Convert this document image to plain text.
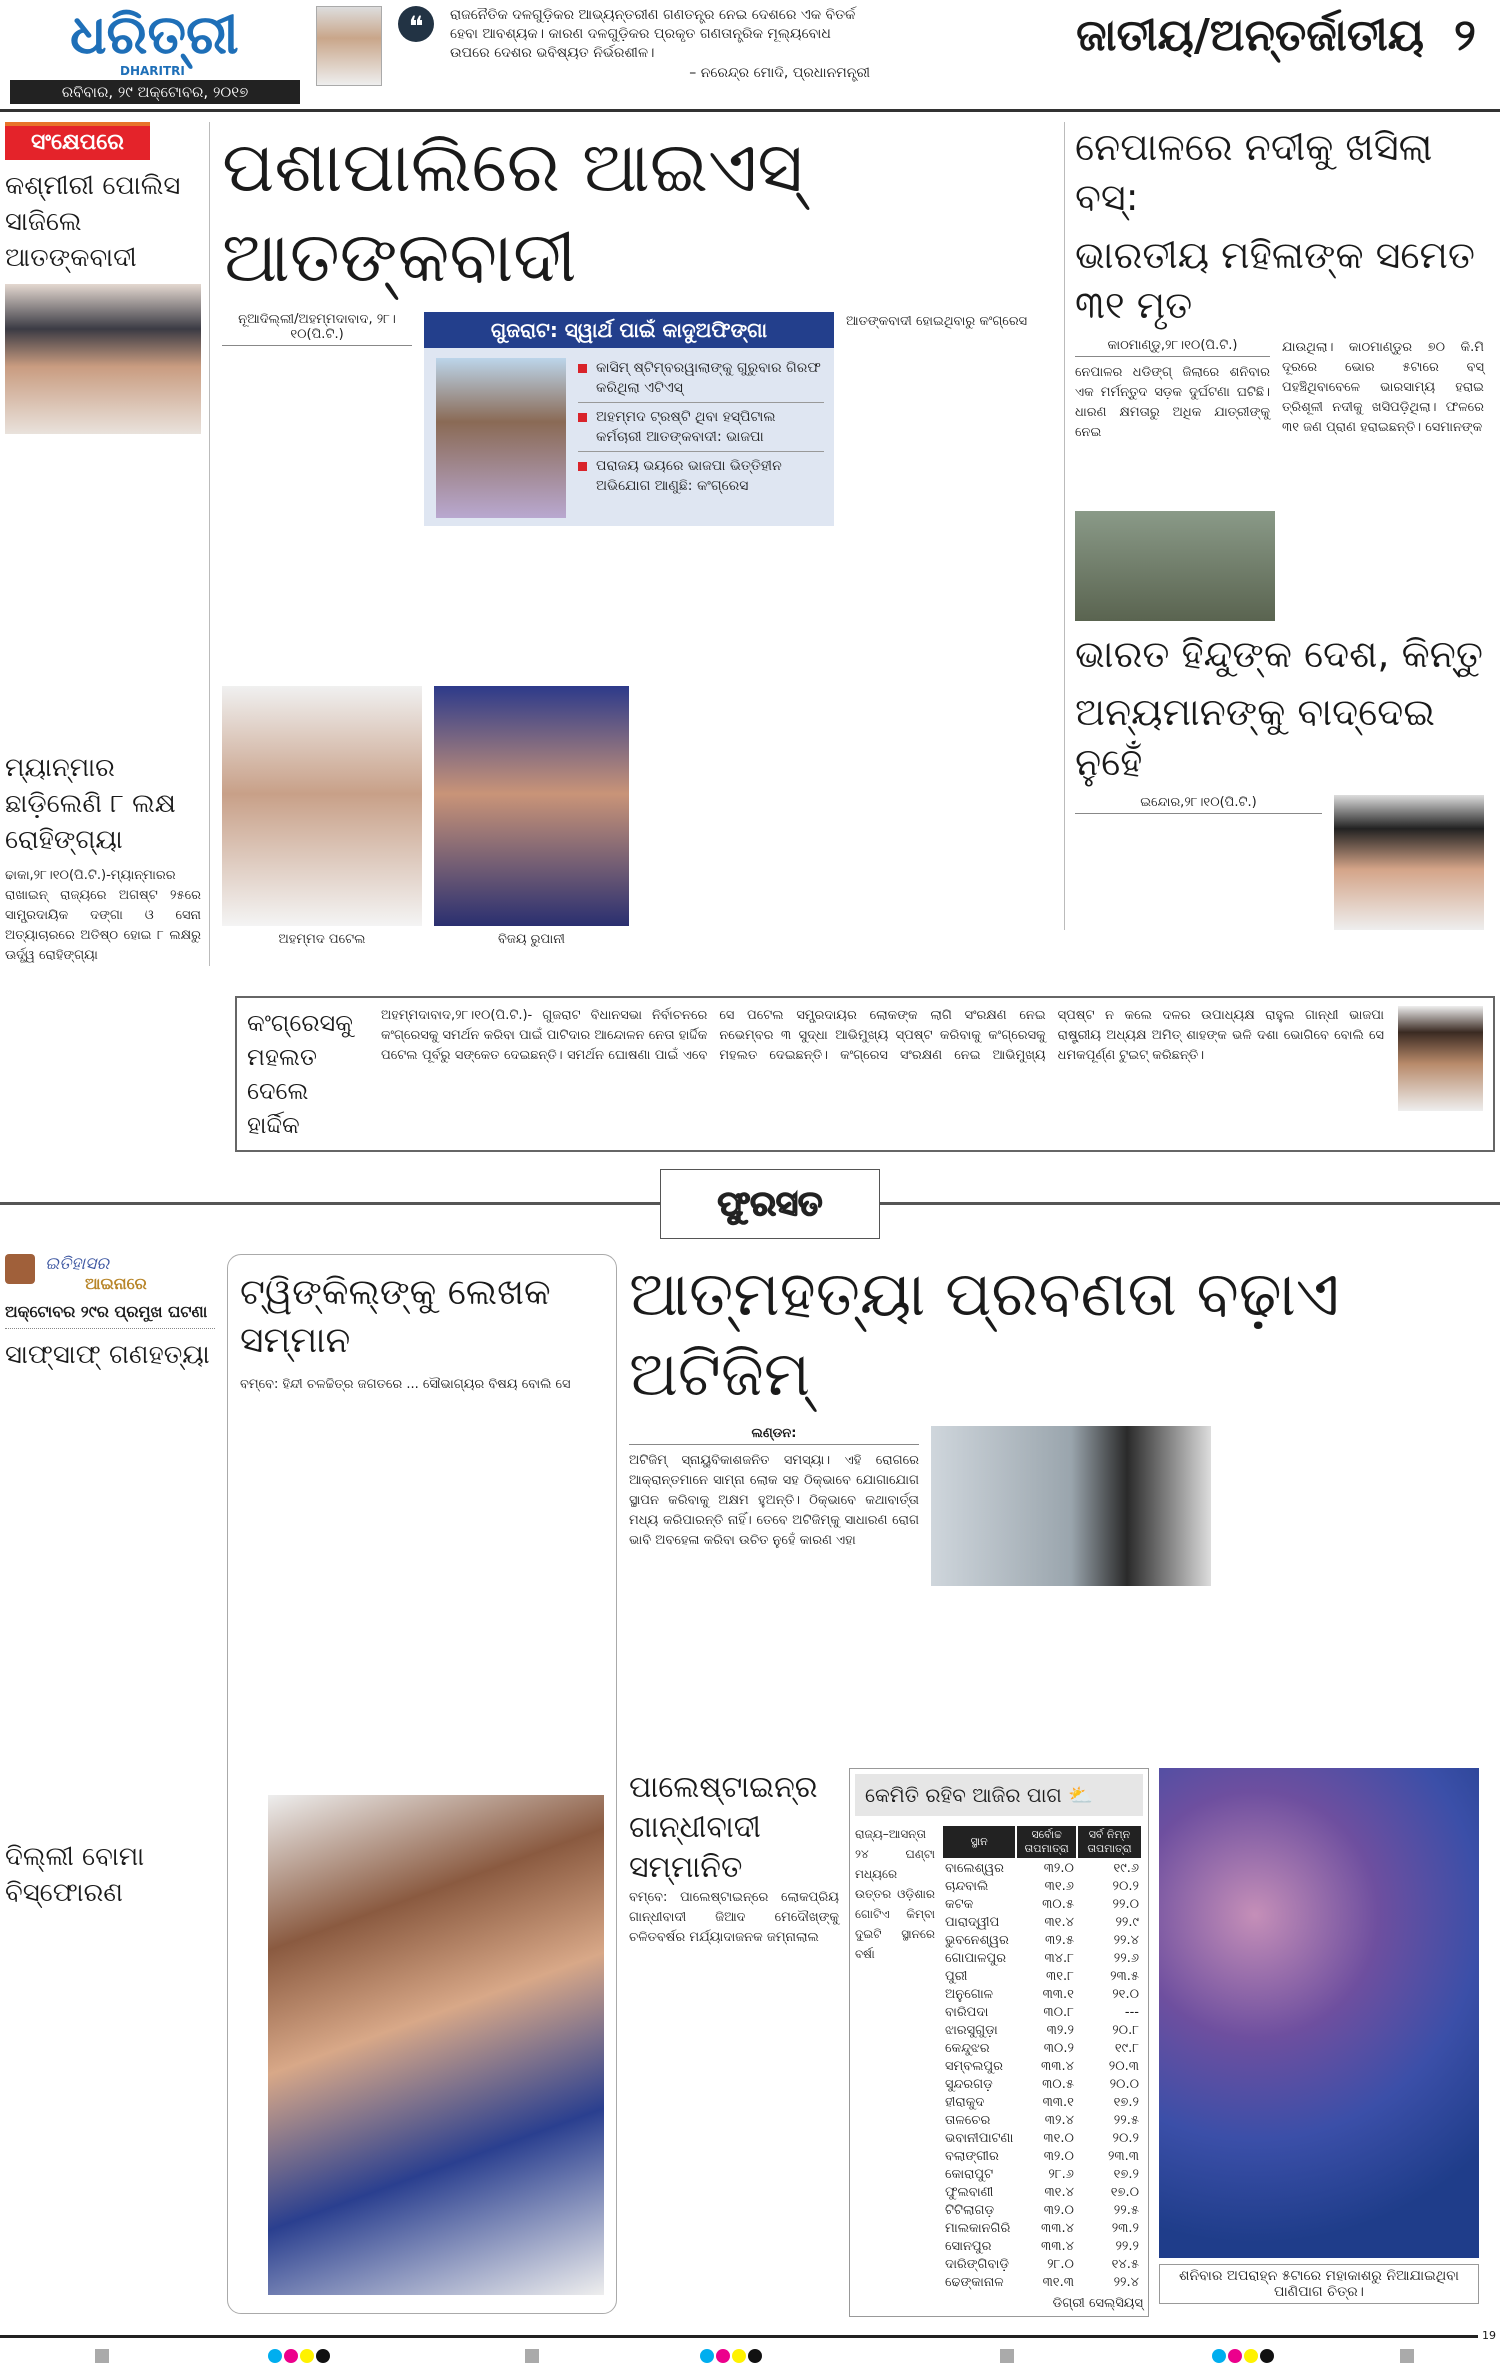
ଧରିତ୍ରୀ
DHARITRI
ରବିବାର, ୨୯ ଅକ୍ଟୋବର, ୨୦୧୭
❝	ରାଜନୈତିକ ଦଳଗୁଡ଼ିକର ଆଭ୍ୟନ୍ତରୀଣ ଗଣତନ୍ତ୍ର ନେଇ ଦେଶରେ ଏକ ବିତର୍କ ହେବା ଆବଶ୍ୟକ। କାରଣ ଦଳଗୁଡ଼ିକର ପ୍ରକୃତ ଗଣତାନ୍ତ୍ରିକ ମୂଲ୍ୟବୋଧ ଉପରେ ଦେଶର ଭବିଷ୍ୟତ ନିର୍ଭରଶୀଳ।
– ନରେନ୍ଦ୍ର ମୋଦି, ପ୍ରଧାନମନ୍ତ୍ରୀ
ଜାତୀୟ/ଅନ୍ତର୍ଜାତୀୟ ୨
ସଂକ୍ଷେପରେ
କଶ୍ମୀରୀ ପୋଲିସ ସାଜିଲେ ଆତଙ୍କବାଦୀ
ମ୍ୟାନ୍‌ମାର ଛାଡ଼ିଲେଣି ୮ ଲକ୍ଷ ରୋହିଙ୍ଗ୍ୟା
ଢାକା,୨୮।୧୦(ପି.ଟି.)-ମ୍ୟାନ୍‌ମାରର ରାଖାଇନ୍ ରାଜ୍ୟରେ ଅଗଷ୍ଟ ୨୫ରେ ସାମ୍ପ୍ରଦାୟିକ ଦଙ୍ଗା ଓ ସେନା ଅତ୍ୟାଚାରରେ ଅତିଷ୍ଠ ହୋଇ ୮ ଲକ୍ଷରୁ ଊର୍ଦ୍ଧ୍ୱ ରୋହିଙ୍ଗ୍ୟା
ପଶାପାଲିରେ ଆଇଏସ୍ ଆତଙ୍କବାଦୀ
ନୂଆଦିଲ୍ଲୀ/ଅହମ୍ମଦାବାଦ, ୨୮।୧୦(ପି.ଟି.)	ଗୁଜରାଟ: ସ୍ୱାର୍ଥ ପାଇଁ କାଦୁଅଫିଙ୍ଗା
କାସିମ୍ ଷ୍ଟିମ୍ବରୱାଲାଙ୍କୁ ଗୁରୁବାର ଗିରଫ କରିଥିଲା ଏଟିଏସ୍
ଅହମ୍ମଦ ଟ୍ରଷ୍ଟି ଥିବା ହସ୍ପିଟାଲ କର୍ମଚାରୀ ଆତଙ୍କବାଦୀ: ଭାଜପା
ପରାଜୟ ଭୟରେ ଭାଜପା ଭିତ୍ତିହୀନ ଅଭିଯୋଗ ଆଣୁଛି: କଂଗ୍ରେସ
ଆତଙ୍କବାଦୀ ହୋଇଥିବାରୁ କଂଗ୍ରେସ
ଅହମ୍ମଦ ପଟେଲ	ବିଜୟ ରୁପାନୀ
ନେପାଳରେ ନଦୀକୁ ଖସିଲା ବସ୍:
ଭାରତୀୟ ମହିଳାଙ୍କ ସମେତ ୩୧ ମୃତ
କାଠମାଣ୍ଡୁ,୨୮।୧୦(ପି.ଟି.)
ନେପାଳର ଧଡିଙ୍ଗ୍ ଜିଲାରେ ଶନିବାର ଏକ ମର୍ମନ୍ତୁଦ ସଡ଼କ ଦୁର୍ଘଟଣା ଘଟିଛି। ଧାରଣ କ୍ଷମତାରୁ ଅଧିକ ଯାତ୍ରୀଙ୍କୁ ନେଇ
ଯାଉଥିଲା। କାଠମାଣ୍ଡୁର ୭୦ କି.ମି ଦୂରରେ ଭୋର ୫ଟାରେ ବସ୍ ପହଞ୍ଚିଥିବାବେଳେ ଭାରସାମ୍ୟ ହରାଇ ତ୍ରିଶୂଳୀ ନଦୀକୁ ଖସିପଡ଼ିଥିଲା। ଫଳରେ ୩୧ ଜଣ ପ୍ରାଣ ହରାଇଛନ୍ତି। ସେମାନଙ୍କ
ଭାରତ ହିନ୍ଦୁଙ୍କ ଦେଶ, କିନ୍ତୁ
ଅନ୍ୟମାନଙ୍କୁ ବାଦ୍‌ଦେଇ ନୁହେଁ
ଇନ୍ଦୋର,୨୮।୧୦(ପି.ଟି.)
କଂଗ୍ରେସକୁ ମହଲତ ଦେଲେ ହାର୍ଦ୍ଦିକ
ଅହମ୍ମଦାବାଦ,୨୮।୧୦(ପି.ଟି.)- ଗୁଜରାଟ ବିଧାନସଭା ନିର୍ବାଚନରେ କଂଗ୍ରେସକୁ ସମର୍ଥନ କରିବା ପାଇଁ ପାଟିଦାର ଆନ୍ଦୋଳନ ନେତା ହାର୍ଦ୍ଦିକ ପଟେଲ ପୂର୍ବରୁ ସଙ୍କେତ ଦେଇଛନ୍ତି। ସମର୍ଥନ ଘୋଷଣା ପାଇଁ ଏବେ ସେ ପଟେଲ ସମ୍ପ୍ରଦାୟର ଲୋକଙ୍କ ଲାଗି ସଂରକ୍ଷଣ ନେଇ ନଭେମ୍ବର ୩ ସୁଦ୍ଧା ଆଭିମୁଖ୍ୟ ସ୍ପଷ୍ଟ କରିବାକୁ କଂଗ୍ରେସକୁ ମହଲତ ଦେଇଛନ୍ତି। କଂଗ୍ରେସ ସଂରକ୍ଷଣ ନେଇ ଆଭିମୁଖ୍ୟ ସ୍ପଷ୍ଟ ନ କଲେ ଦଳର ଉପାଧ୍ୟକ୍ଷ ରାହୁଲ ଗାନ୍ଧୀ ଭାଜପା ରାଷ୍ଟ୍ରୀୟ ଅଧ୍ୟକ୍ଷ ଅମିତ୍ ଶାହଙ୍କ ଭଳି ଦଶା ଭୋଗିବେ ବୋଲି ସେ ଧମକପୂର୍ଣ୍ଣ ଟୁଇଟ୍ କରିଛନ୍ତି।
ଫୁରସତ
ଇତିହାସର
ଆଇନାରେ
ଅକ୍ଟୋବର ୨୯ର ପ୍ରମୁଖ ଘଟଣା
ସାଫ୍‌ସାଫ୍ ଗଣହତ୍ୟା
ଦିଲ୍ଲୀ ବୋମା ବିସ୍ଫୋରଣ
ଟ୍ୱିଙ୍କିଲ୍‌ଙ୍କୁ ଲେଖକ ସମ୍ମାନ
ବମ୍ବେ: ହିନ୍ଦୀ ଚଳଚ୍ଚିତ୍ର ଜଗତରେ ... ସୌଭାଗ୍ୟର ବିଷୟ ବୋଲି ସେ
ଆତ୍ମହତ୍ୟା ପ୍ରବଣତା ବଢ଼ାଏ ଅଟିଜିମ୍
ଲଣ୍ଡନ:
ଅଟିଜିମ୍ ସ୍ନାୟୁବିକାଶଜନିତ ସମସ୍ୟା। ଏହି ରୋଗରେ ଆକ୍ରାନ୍ତମାନେ ସାମ୍ନା ଲୋକ ସହ ଠିକ୍‌ଭାବେ ଯୋଗାଯୋଗ ସ୍ଥାପନ କରିବାକୁ ଅକ୍ଷମ ହୁଅନ୍ତି। ଠିକ୍‌ଭାବେ କଥାବାର୍ତ୍ତା ମଧ୍ୟ କରିପାରନ୍ତି ନାହିଁ। ତେବେ ଅଟିଜିମ୍‌କୁ ସାଧାରଣ ରୋଗ ଭାବି ଅବହେଳା କରିବା ଉଚିତ ନୁହେଁ କାରଣ ଏହା
ପାଲେଷ୍ଟାଇନ୍‌ର ଗାନ୍ଧୀବାଦୀ ସମ୍ମାନିତ
ବମ୍ବେ: ପାଲେଷ୍ଟାଇନ୍‌ରେ ଲୋକପ୍ରିୟ ଗାନ୍ଧୀବାଦୀ ଜିଆଦ ମେଦୌଖ୍‌ଙ୍କୁ ଚଳିତବର୍ଷର ମର୍ଯ୍ୟାଦାଜନକ ଜମ୍‌ନାଲାଲ
କେମିତି ରହିବ ଆଜିର ପାଗ ⛅
ରାଜ୍ୟ–ଆସନ୍ତା ୨୪ ଘଣ୍ଟା ମଧ୍ୟରେ ଉତ୍ତର ଓଡ଼ିଶାର ଗୋଟିଏ କିମ୍ବା ଦୁଇଟି ସ୍ଥାନରେ ବର୍ଷା
ସ୍ଥାନ	ସର୍ବୋଚ୍ଚ ତାପମାତ୍ରା	ସର୍ବ ନିମ୍ନ ତାପମାତ୍ରା
ବାଲେଶ୍ୱର	୩୨.୦	୧୯.୬
ଚାନ୍ଦବାଲି	୩୧.୬	୨୦.୨
କଟକ	୩୦.୫	୨୨.୦
ପାରାଦ୍ୱୀପ	୩୧.୪	୨୨.୯
ଭୁବନେଶ୍ୱର	୩୨.୫	୨୨.୪
ଗୋପାଳପୁର	୩୪.୮	୨୨.୬
ପୁରୀ	୩୧.୮	୨୩.୫
ଅନୁଗୋଳ	୩୩.୧	୨୧.୦
ବାରିପଦା	୩୦.୮	---
ଝାରସୁଗୁଡ଼ା	୩୨.୨	୨୦.୮
କେନ୍ଦୁଝର	୩୦.୨	୧୯.୮
ସମ୍ବଲପୁର	୩୩.୪	୨୦.୩
ସୁନ୍ଦରଗଡ଼	୩୦.୫	୨୦.୦
ହୀରାକୁଦ	୩୩.୧	୧୭.୨
ତାଳଚେର	୩୨.୪	୨୨.୫
ଭବାନୀପାଟଣା	୩୧.୦	୨୦.୨
ବଲାଙ୍ଗୀର	୩୨.୦	୨୩.୩
କୋରାପୁଟ	୨୮.୬	୧୭.୨
ଫୁଲବାଣୀ	୩୧.୪	୧୭.୦
ଟିଟିଲାଗଡ଼	୩୨.୦	୨୨.୫
ମାଲକାନଗିରି	୩୩.୪	୨୩.୨
ସୋନପୁର	୩୩.୪	୨୨.୨
ଦାରିଙ୍ଗିବାଡ଼ି	୨୮.୦	୧୪.୫
ଢେଙ୍କାନାଳ	୩୧.୩	୨୨.୪
ଡିଗ୍ରୀ ସେଲ୍‌ସିୟସ୍
ଶନିବାର ଅପରାହ୍ନ ୫ଟାରେ ମହାକାଶରୁ ନିଆଯାଇଥିବା ପାଣିପାଗ ଚିତ୍ର।
19
